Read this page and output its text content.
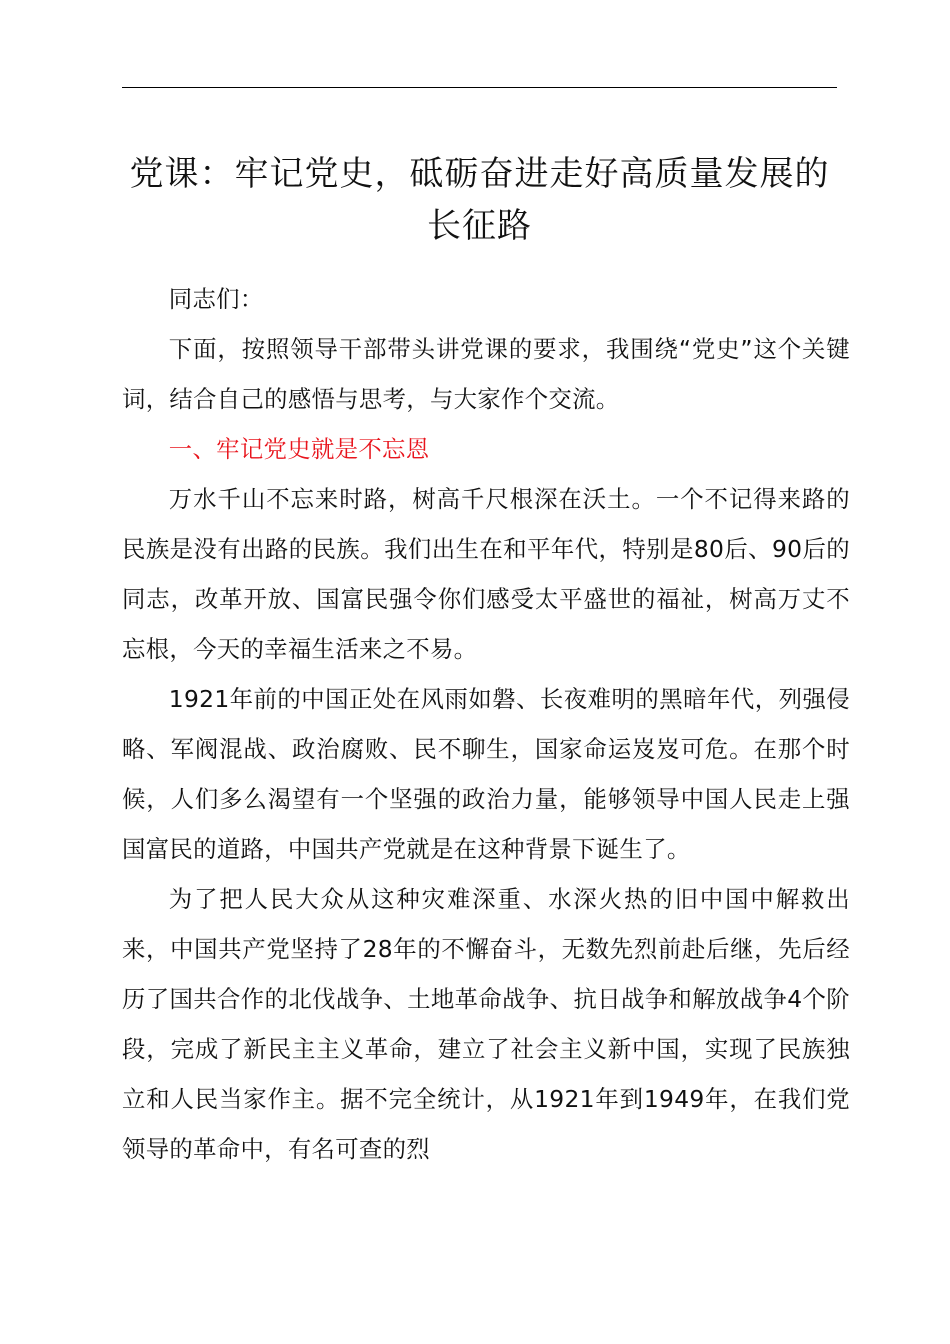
党课：牢记党史，砥砺奋进走好高质量发展的长征路

同志们：

下面，按照领导干部带头讲党课的要求，我围绕“党史”这个关键词，结合自己的感悟与思考，与大家作个交流。

一、牢记党史就是不忘恩

万水千山不忘来时路，树高千尺根深在沃土。一个不记得来路的民族是没有出路的民族。我们出生在和平年代，特别是80后、90后的同志，改革开放、国富民强令你们感受太平盛世的福祉，树高万丈不忘根，今天的幸福生活来之不易。

1921年前的中国正处在风雨如磐、长夜难明的黑暗年代，列强侵略、军阀混战、政治腐败、民不聊生，国家命运岌岌可危。在那个时候，人们多么渴望有一个坚强的政治力量，能够领导中国人民走上强国富民的道路，中国共产党就是在这种背景下诞生了。

为了把人民大众从这种灾难深重、水深火热的旧中国中解救出来，中国共产党坚持了28年的不懈奋斗，无数先烈前赴后继，先后经历了国共合作的北伐战争、土地革命战争、抗日战争和解放战争4个阶段，完成了新民主主义革命，建立了社会主义新中国，实现了民族独立和人民当家作主。据不完全统计，从1921年到1949年，在我们党领导的革命中，有名可查的烈
